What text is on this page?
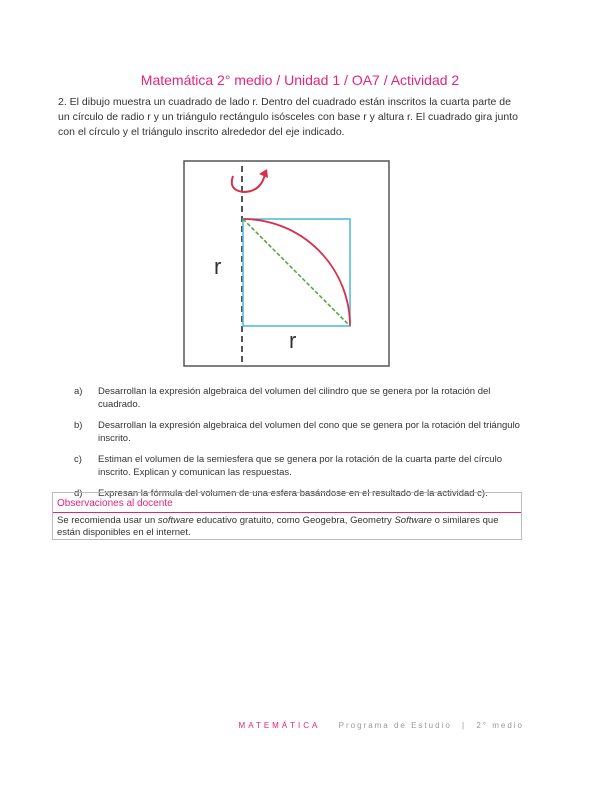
Matemática 2° medio / Unidad 1 / OA7 / Actividad 2
2. El dibujo muestra un cuadrado de lado r. Dentro del cuadrado están inscritos la cuarta parte de un círculo de radio r y un triángulo rectángulo isósceles con base r y altura r. El cuadrado gira junto con el círculo y el triángulo inscrito alrededor del eje indicado.
r
r
a) Desarrollan la expresión algebraica del volumen del cilindro que se genera por la rotación del cuadrado.
b) Desarrollan la expresión algebraica del volumen del cono que se genera por la rotación del triángulo inscrito.
c) Estiman el volumen de la semiesfera que se genera por la rotación de la cuarta parte del círculo inscrito. Explican y comunican las respuestas.
d) Expresan la fórmula del volumen de una esfera basándose en el resultado de la actividad c).
Observaciones al docente
Se recomienda usar un software educativo gratuito, como Geogebra, Geometry Software o similares que están disponibles en el internet.
MATEMÁTICA Programa de Estudio | 2° medio
